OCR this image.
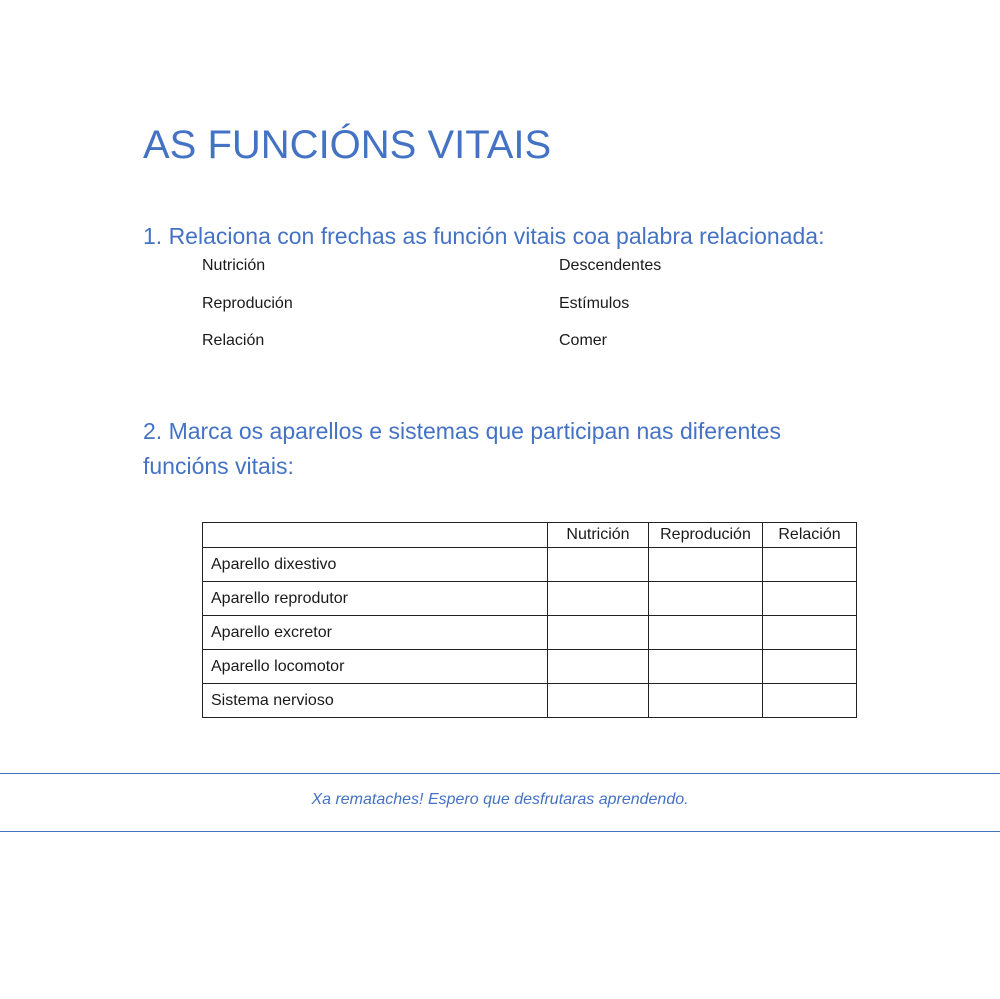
AS FUNCIÓNS VITAIS
1. Relaciona con frechas as función vitais coa palabra relacionada:
Nutrición
Reprodución
Relación
Descendentes
Estímulos
Comer
2. Marca os aparellos e sistemas que participan nas diferentes funcións vitais:
	Nutrición	Reprodución	Relación
Aparello dixestivo			
Aparello reprodutor			
Aparello excretor			
Aparello locomotor			
Sistema nervioso			
Xa remataches! Espero que desfrutaras aprendendo.
